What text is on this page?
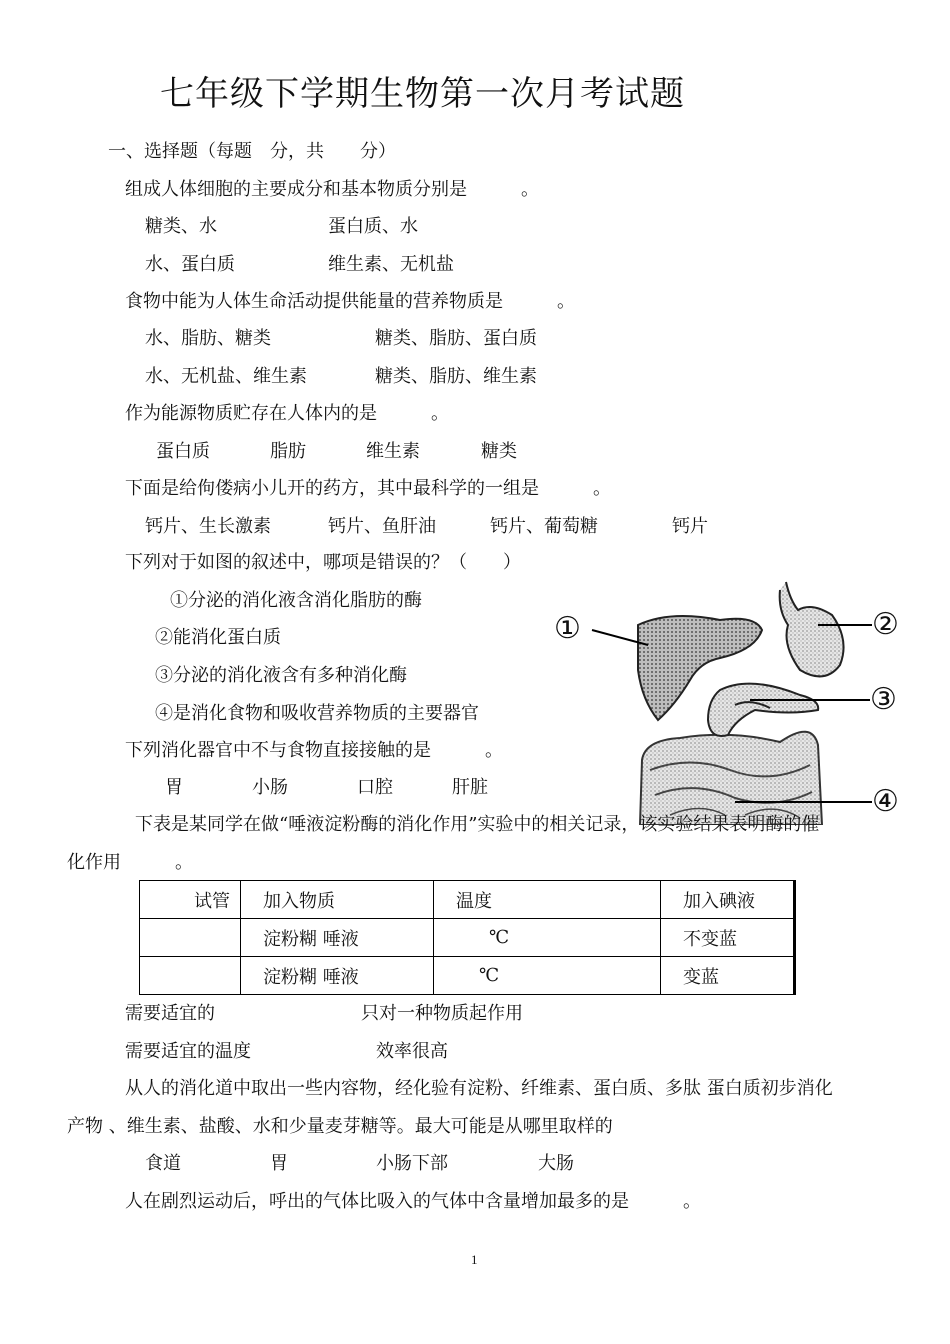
七年级下学期生物第一次月考试题
一、选择题（每题　分，共　　分）
组成人体细胞的主要成分和基本物质分别是　　　。
糖类、水	蛋白质、水
水、蛋白质	维生素、无机盐
食物中能为人体生命活动提供能量的营养物质是　　　。
水、脂肪、糖类	糖类、脂肪、蛋白质
水、无机盐、维生素	糖类、脂肪、维生素
作为能源物质贮存在人体内的是　　　。
蛋白质	脂肪	维生素	糖类
下面是给佝偻病小儿开的药方，其中最科学的一组是　　　。
钙片、生长激素	钙片、鱼肝油	钙片、葡萄糖	钙片
下列对于如图的叙述中，哪项是错误的？（　　）
①分泌的消化液含消化脂肪的酶
②能消化蛋白质
③分泌的消化液含有多种消化酶
④是消化食物和吸收营养物质的主要器官
①	②
③
④
下列消化器官中不与食物直接接触的是　　　。
胃	小肠	口腔	肝脏
下表是某同学在做“唾液淀粉酶的消化作用”实验中的相关记录，该实验结果表明酶的催
化作用　　　。
试管	加入物质	温度	加入碘液
	淀粉糊 唾液	℃	不变蓝
	淀粉糊 唾液	℃	变蓝
需要适宜的	只对一种物质起作用
需要适宜的温度	效率很高
从人的消化道中取出一些内容物，经化验有淀粉、纤维素、蛋白质、多肽 蛋白质初步消化
产物 、维生素、盐酸、水和少量麦芽糖等。最大可能是从哪里取样的
食道	胃	小肠下部	大肠
人在剧烈运动后，呼出的气体比吸入的气体中含量增加最多的是　　　。
1
